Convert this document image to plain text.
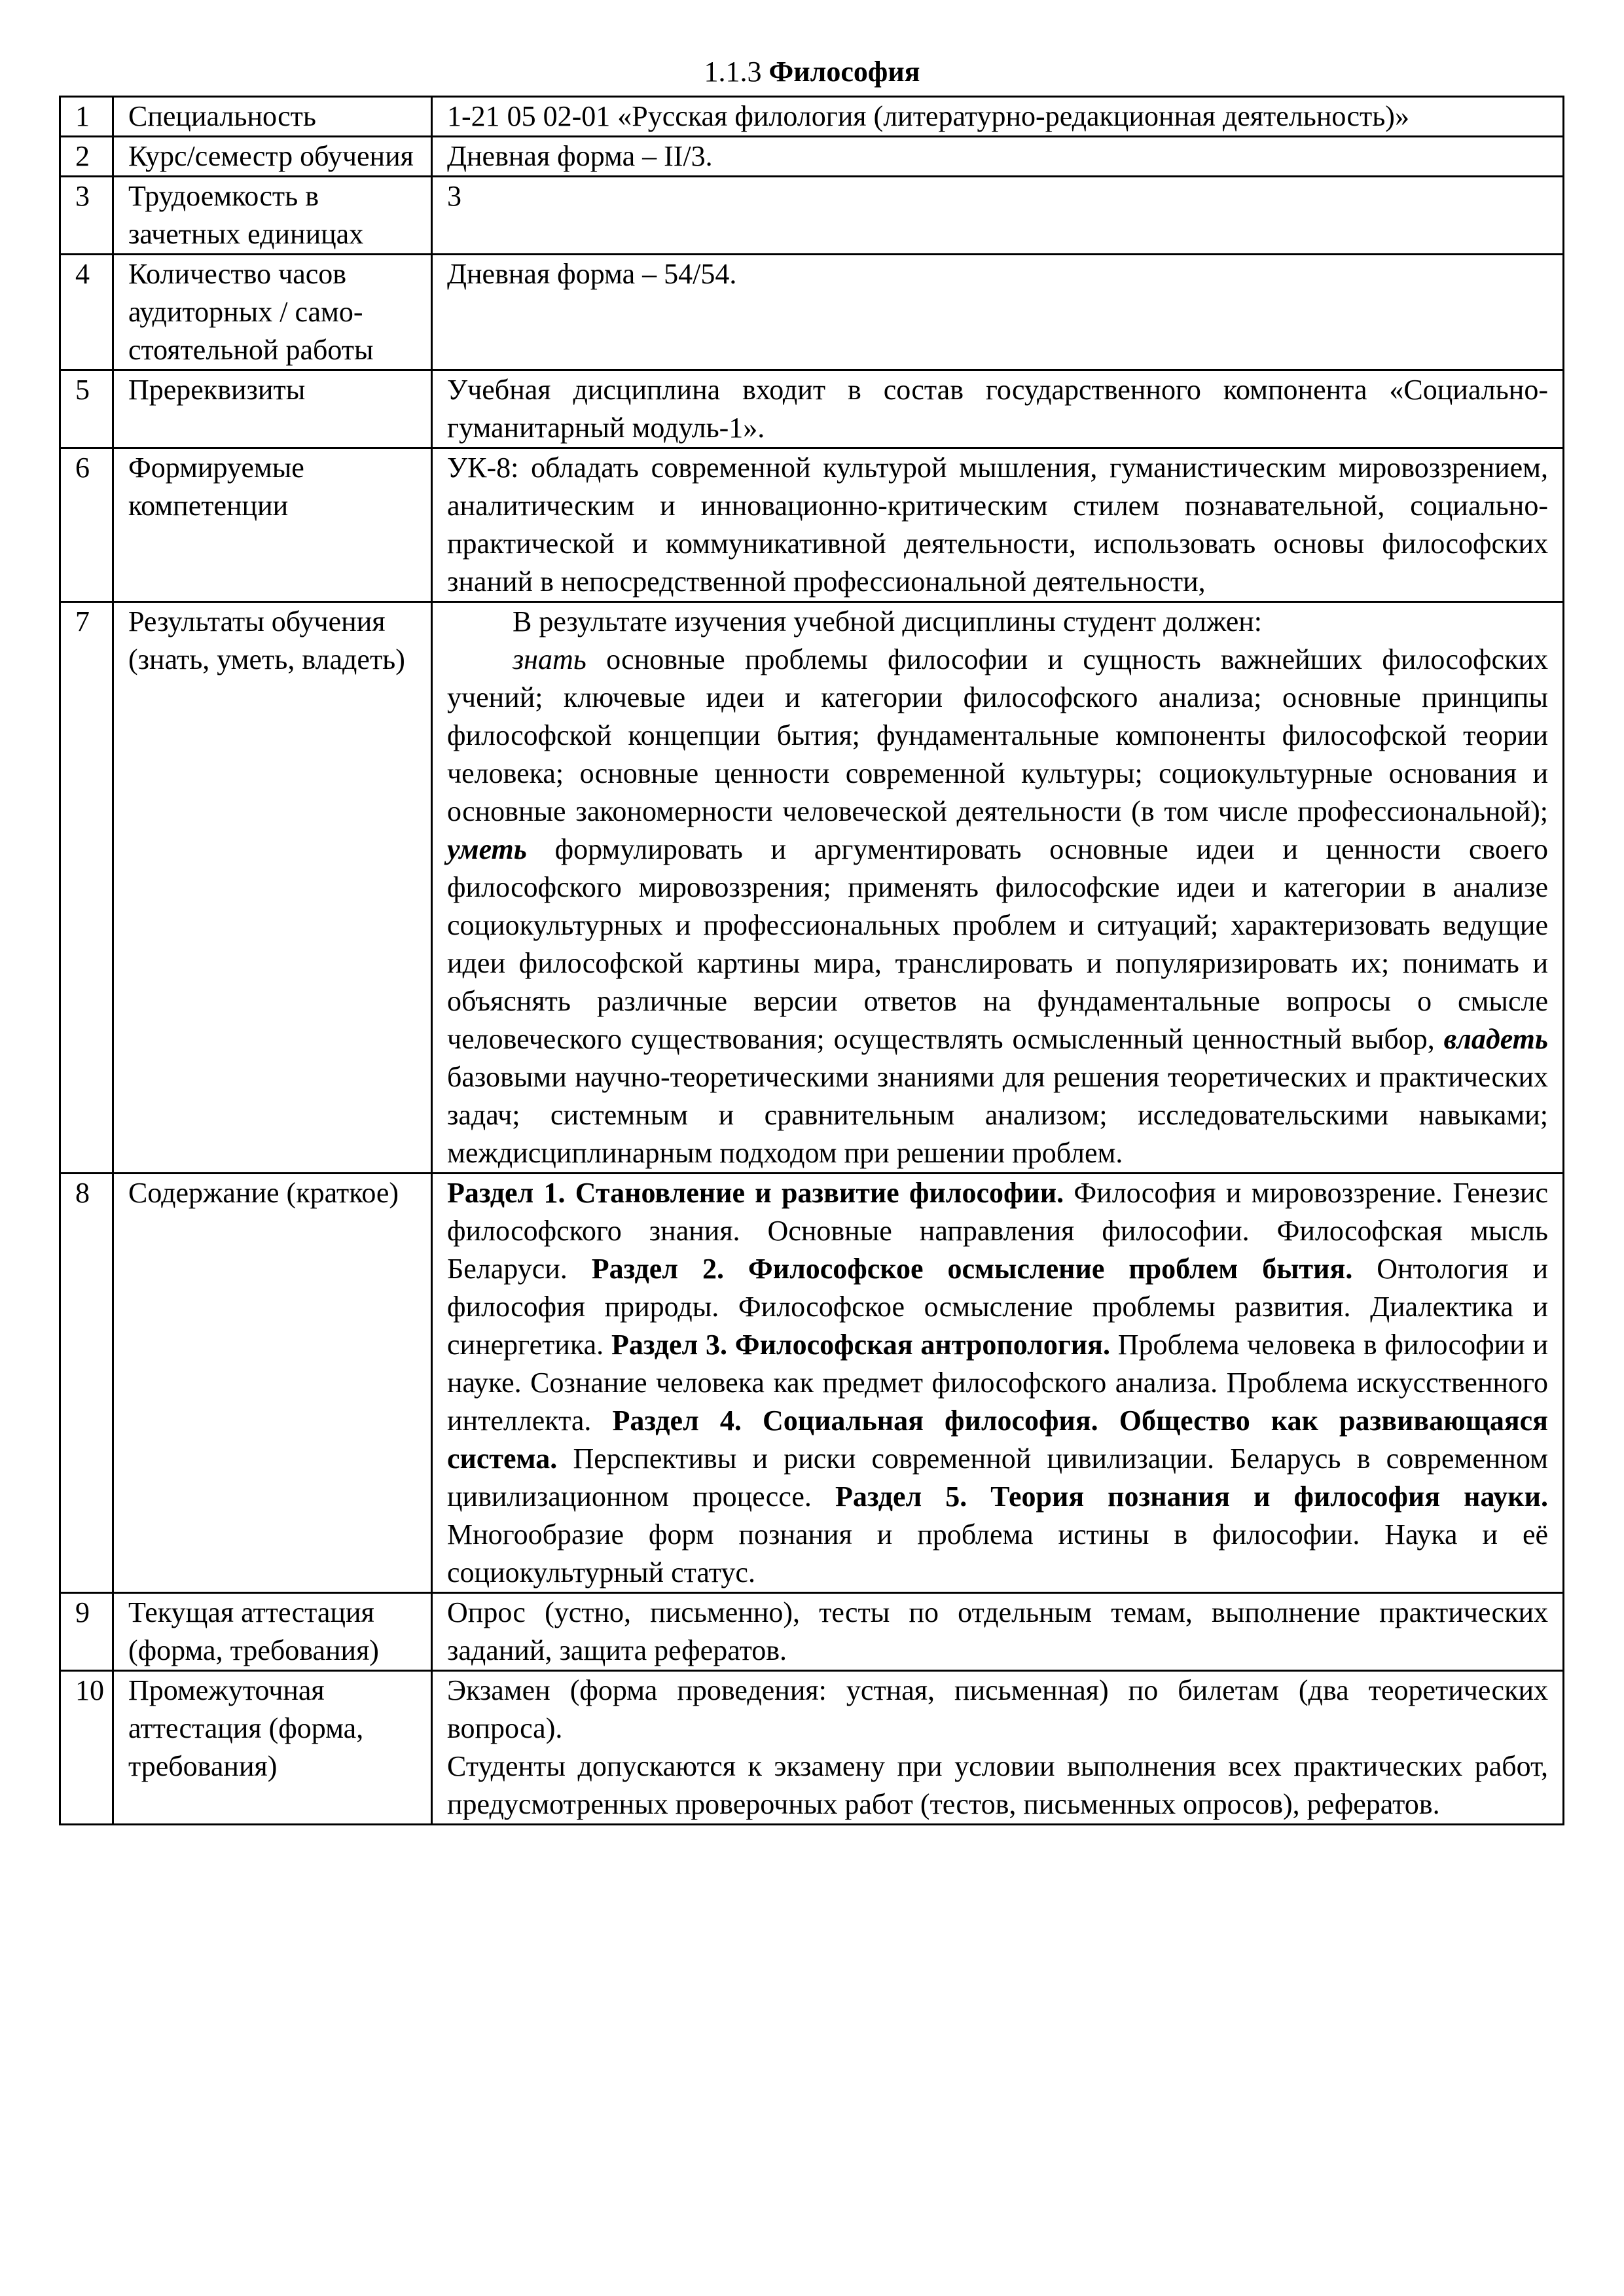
1.1.3 Философия
1	Специальность	1-21 05 02-01 «Русская филология (литературно-редакционная деятельность)»
2	Курс/семестр обучения	Дневная форма – II/3.
3	Трудоемкость в зачетных единицах	3
4	Количество часов аудиторных / само-стоятельной работы	Дневная форма – 54/54.
5	Пререквизиты	Учебная дисциплина входит в состав государственного компонента «Социально-гуманитарный модуль-1».
6	Формируемые компетенции	УК-8: обладать современной культурой мышления, гуманистическим мировоззрением, аналитическим и инновационно-критическим стилем познавательной, социально-практической и коммуникативной деятельности, использовать основы философских знаний в непосредственной профессиональной деятельности,
7	Результаты обучения (знать, уметь, владеть)	В результате изучения учебной дисциплины студент должен:
знать основные проблемы философии и сущность важнейших философских учений; ключевые идеи и категории философского анализа; основные принципы философской концепции бытия; фундаментальные компоненты философской теории человека; основные ценности современной культуры; социокультурные основания и основные закономерности человеческой деятельности (в том числе профессиональной); уметь формулировать и аргументировать основные идеи и ценности своего философского мировоззрения; применять философские идеи и категории в анализе социокультурных и профессиональных проблем и ситуаций; характеризовать ведущие идеи философской картины мира, транслировать и популяризировать их; понимать и объяснять различные версии ответов на фундаментальные вопросы о смысле человеческого существования; осуществлять осмысленный ценностный выбор, владеть базовыми научно-теоретическими знаниями для решения теоретических и практических задач; системным и сравнительным анализом; исследовательскими навыками; междисциплинарным подходом при решении проблем.

8	Содержание (краткое)	Раздел 1. Становление и развитие философии. Философия и мировоззрение. Генезис философского знания. Основные направления философии. Философская мысль Беларуси. Раздел 2. Философское осмысление проблем бытия. Онтология и философия природы. Философское осмысление проблемы развития. Диалектика и синергетика. Раздел 3. Философская антропология. Проблема человека в философии и науке. Сознание человека как предмет философского анализа. Проблема искусственного интеллекта. Раздел 4. Социальная философия. Общество как развивающаяся система. Перспективы и риски современной цивилизации. Беларусь в современном цивилизационном процессе. Раздел 5. Теория познания и философия науки. Многообразие форм познания и проблема истины в философии. Наука и её социокультурный статус.
9	Текущая аттестация (форма, требования)	Опрос (устно, письменно), тесты по отдельным темам, выполнение практических заданий, защита рефератов.
10	Промежуточная аттестация (форма, требования)	Экзамен (форма проведения: устная, письменная) по билетам (два теоретических вопроса).

Студенты допускаются к экзамену при условии выполнения всех практических работ, предусмотренных проверочных работ (тестов, письменных опросов), рефератов.
